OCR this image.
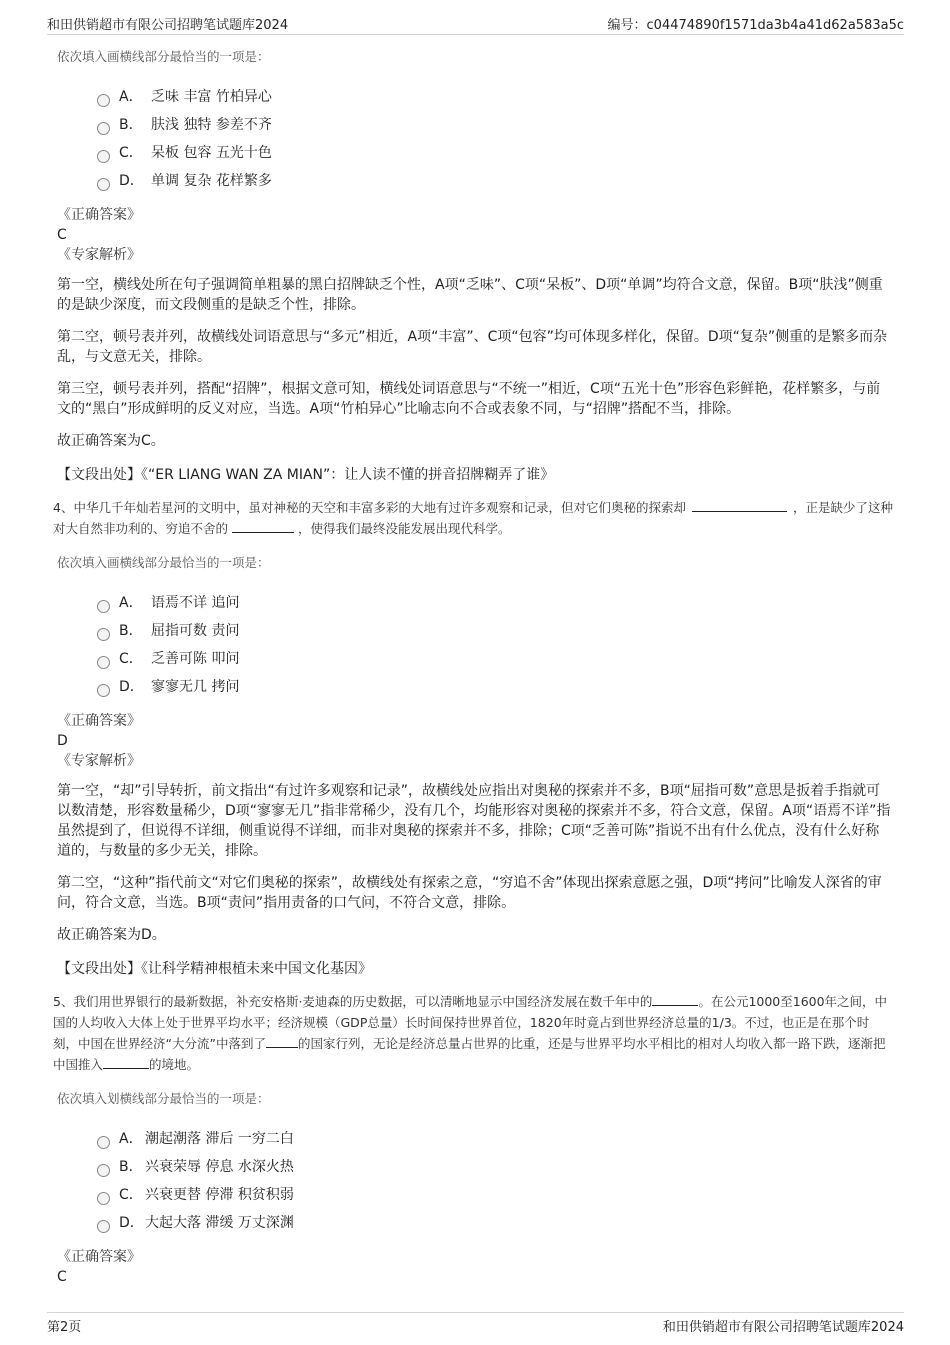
和田供销超市有限公司招聘笔试题库2024	编号：c04474890f1571da3b4a41d62a583a5c
依次填入画横线部分最恰当的一项是：
A． 乏味 丰富 竹柏异心
B． 肤浅 独特 参差不齐
C． 呆板 包容 五光十色
D． 单调 复杂 花样繁多
《正确答案》
C
《专家解析》
第一空，横线处所在句子强调简单粗暴的黑白招牌缺乏个性，A项“乏味”、C项“呆板”、D项“单调”均符合文意，保留。B项“肤浅”侧重的是缺少深度，而文段侧重的是缺乏个性，排除。
第二空，顿号表并列，故横线处词语意思与“多元”相近，A项“丰富”、C项“包容”均可体现多样化，保留。D项“复杂”侧重的是繁多而杂乱，与文意无关，排除。
第三空，顿号表并列，搭配“招牌”，根据文意可知，横线处词语意思与“不统一”相近，C项“五光十色”形容色彩鲜艳，花样繁多，与前文的“黑白”形成鲜明的反义对应，当选。A项“竹柏异心”比喻志向不合或表象不同，与“招牌”搭配不当，排除。
故正确答案为C。
【文段出处】《“ER LIANG WAN ZA MIAN”：让人读不懂的拼音招牌糊弄了谁》
4、中华几千年灿若星河的文明中，虽对神秘的天空和丰富多彩的大地有过许多观察和记录，但对它们奥秘的探索却	，正是缺少了这种对大自然非功利的、穷追不舍的	，使得我们最终没能发展出现代科学。
依次填入画横线部分最恰当的一项是：
A． 语焉不详 追问
B． 屈指可数 责问
C． 乏善可陈 叩问
D． 寥寥无几 拷问
《正确答案》
D
《专家解析》
第一空，“却”引导转折，前文指出“有过许多观察和记录”，故横线处应指出对奥秘的探索并不多，B项“屈指可数”意思是扳着手指就可以数清楚，形容数量稀少，D项“寥寥无几”指非常稀少，没有几个，均能形容对奥秘的探索并不多，符合文意，保留。A项“语焉不详”指虽然提到了，但说得不详细，侧重说得不详细，而非对奥秘的探索并不多，排除；C项“乏善可陈”指说不出有什么优点，没有什么好称道的，与数量的多少无关，排除。
第二空，“这种”指代前文“对它们奥秘的探索”，故横线处有探索之意，“穷追不舍”体现出探索意愿之强，D项“拷问”比喻发人深省的审问，符合文意，当选。B项“责问”指用责备的口气问，不符合文意，排除。
故正确答案为D。
【文段出处】《让科学精神根植未来中国文化基因》
5、我们用世界银行的最新数据，补充安格斯·麦迪森的历史数据，可以清晰地显示中国经济发展在数千年中的	。在公元1000至1600年之间，中国的人均收入大体上处于世界平均水平；经济规模（GDP总量）长时间保持世界首位，1820年时竟占到世界经济总量的1/3。不过，也正是在那个时刻，中国在世界经济“大分流”中落到了	的国家行列，无论是经济总量占世界的比重，还是与世界平均水平相比的相对人均收入都一路下跌，逐渐把中国推入	的境地。
依次填入划横线部分最恰当的一项是：
A． 潮起潮落 滞后 一穷二白
B． 兴衰荣辱 停息 水深火热
C． 兴衰更替 停滞 积贫积弱
D． 大起大落 滞缓 万丈深渊
《正确答案》
C
第2页	和田供销超市有限公司招聘笔试题库2024
